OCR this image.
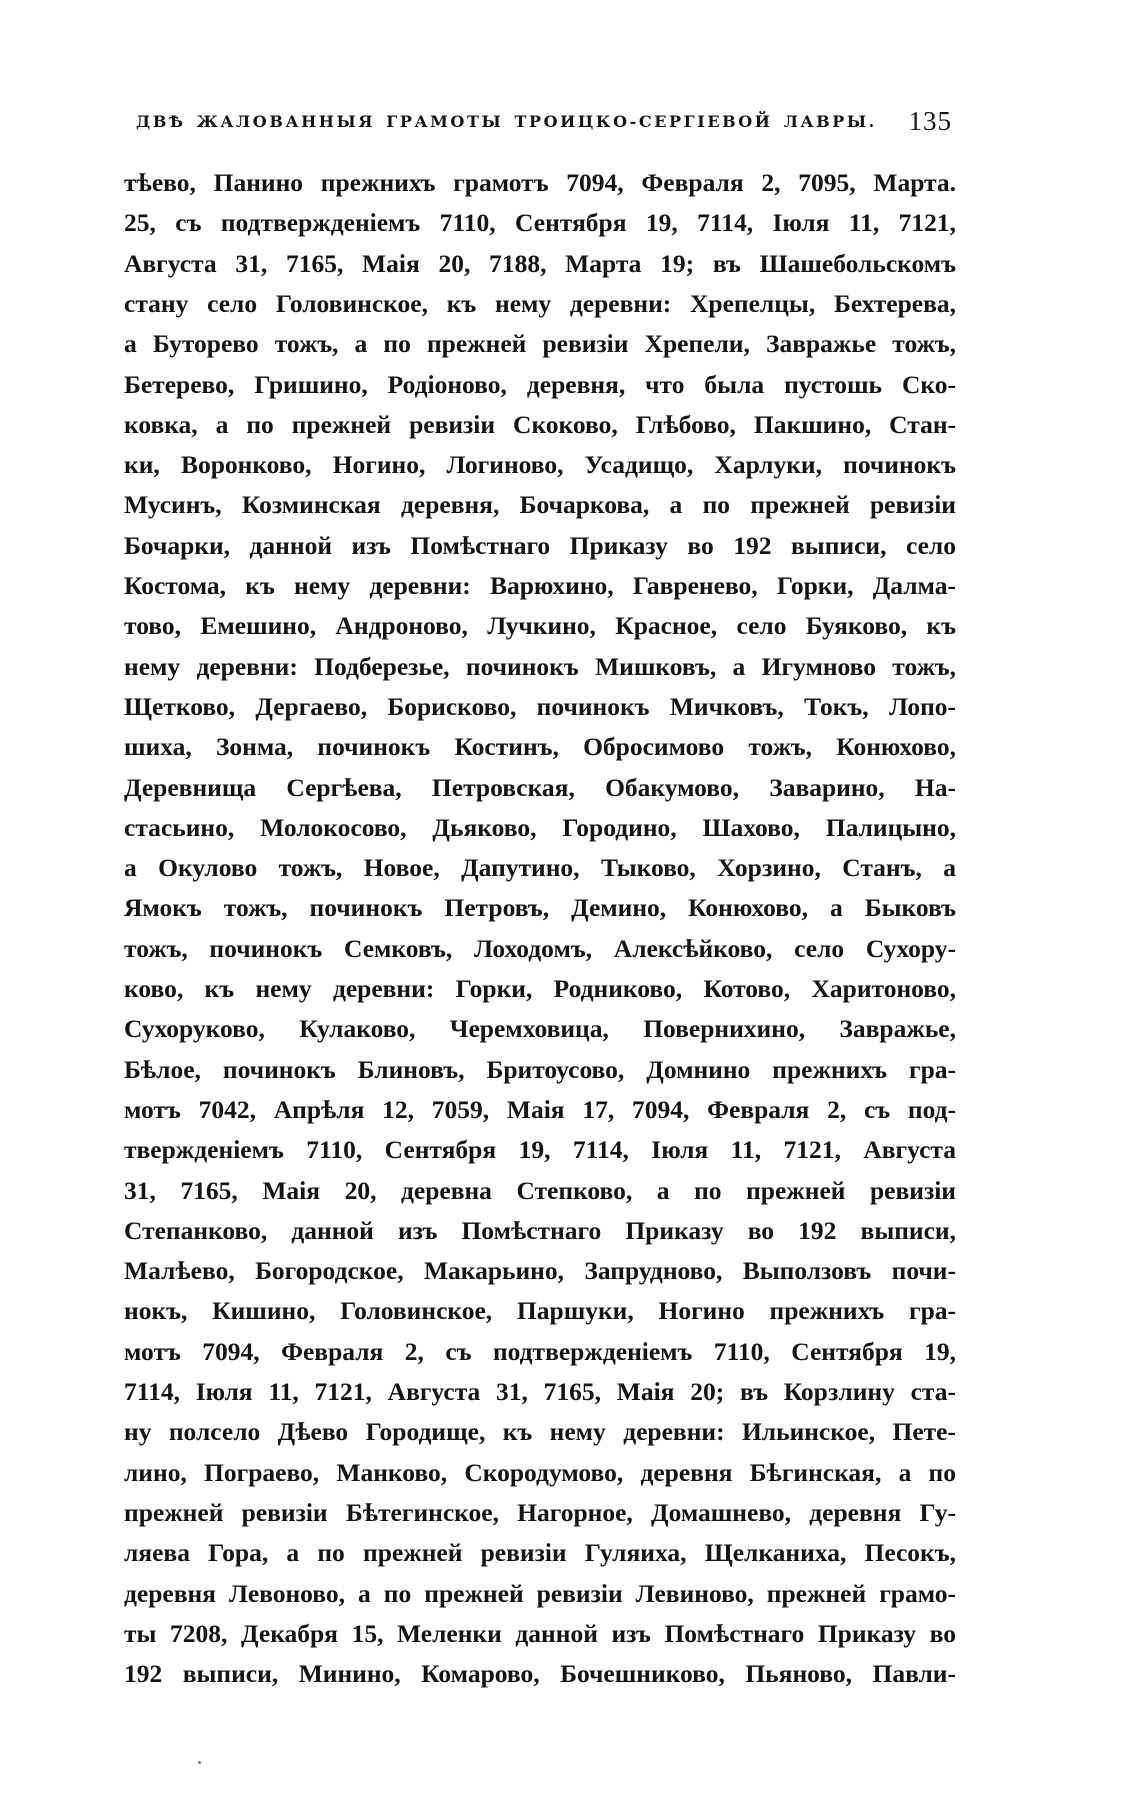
ДВѢ ЖАЛОВАННЫЯ ГРАМОТЫ ТРОИЦКО-СЕРГІЕВОЙ ЛАВРЫ. 135
тѣево, Панино прежнихъ грамотъ 7094, Февраля 2, 7095, Марта.
25, съ подтвержденіемъ 7110, Сентября 19, 7114, Іюля 11, 7121,
Августа 31, 7165, Маія 20, 7188, Марта 19; въ Шашебольскомъ
стану село Головинское, къ нему деревни: Хрепелцы, Бехтерева,
а Буторево тожъ, а по прежней ревизіи Хрепели, Завражье тожъ,
Бетерево, Гришино, Родіоново, деревня, что была пустошь Ско-
ковка, а по прежней ревизіи Скоково, Глѣбово, Пакшино, Стан-
ки, Воронково, Ногино, Логиново, Усадищо, Харлуки, починокъ
Мусинъ, Козминская деревня, Бочаркова, а по прежней ревизіи
Бочарки, данной изъ Помѣстнаго Приказу во 192 выписи, село
Костома, къ нему деревни: Варюхино, Гавренево, Горки, Далма-
тово, Емешино, Андроново, Лучкино, Красное, село Буяково, къ
нему деревни: Подберезье, починокъ Мишковъ, а Игумново тожъ,
Щетково, Дергаево, Борисково, починокъ Мичковъ, Токъ, Лопо-
шиха, Зонма, починокъ Костинъ, Обросимово тожъ, Конюхово,
Деревнища Сергѣева, Петровская, Обакумово, Заварино, На-
стасьино, Молокосово, Дьяково, Городино, Шахово, Палицыно,
а Окулово тожъ, Новое, Дапутино, Тыково, Хорзино, Станъ, а
Ямокъ тожъ, починокъ Петровъ, Демино, Конюхово, а Быковъ
тожъ, починокъ Семковъ, Лоходомъ, Алексѣйково, село Сухору-
ково, къ нему деревни: Горки, Родниково, Котово, Харитоново,
Сухоруково, Кулаково, Черемховица, Повернихино, Завражье,
Бѣлое, починокъ Блиновъ, Бритоусово, Домнино прежнихъ гра-
мотъ 7042, Апрѣля 12, 7059, Маія 17, 7094, Февраля 2, съ под-
твержденіемъ 7110, Сентября 19, 7114, Іюля 11, 7121, Августа
31, 7165, Маія 20, деревна Степково, а по прежней ревизіи
Степанково, данной изъ Помѣстнаго Приказу во 192 выписи,
Малѣево, Богородское, Макарьино, Запрудново, Выползовъ почи-
нокъ, Кишино, Головинское, Паршуки, Ногино прежнихъ гра-
мотъ 7094, Февраля 2, съ подтвержденіемъ 7110, Сентября 19,
7114, Іюля 11, 7121, Августа 31, 7165, Маія 20; въ Корзлину ста-
ну полсело Дѣево Городище, къ нему деревни: Ильинское, Пете-
лино, Пограево, Манково, Скородумово, деревня Бѣгинская, а по
прежней ревизіи Бѣтегинское, Нагорное, Домашнево, деревня Гу-
ляева Гора, а по прежней ревизіи Гуляиха, Щелканиха, Песокъ,
деревня Левоново, а по прежней ревизіи Левиново, прежней грамо-
ты 7208, Декабря 15, Меленки данной изъ Помѣстнаго Приказу во
192 выписи, Минино, Комарово, Бочешниково, Пьяново, Павли-
